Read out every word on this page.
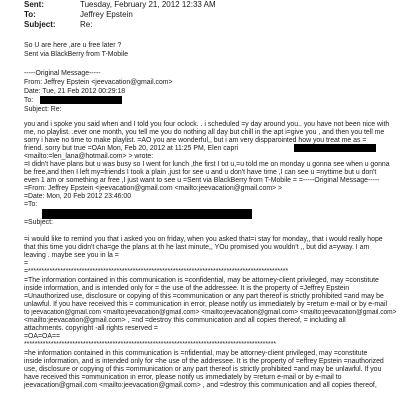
Sent:	Tuesday, February 21, 2012 12:33 AM
To:	Jeffrey Epstein
Subject:	Re:
So U are here ,are u free later ?
Sent via BlackBerry from T-Mobile
-----Original Message-----
From: Jeffrey Epstein <jeevacation@gmail.com>
Date: Tue, 21 Feb 2012 00:29:18
To:
Subject: Re:
you and i spoke you said when and I told you four oclock. . i scheduled =y day around you.. you have not been nice with
me, no playlist. .ever one month, you tell me you do nothing all day but chill in the apt i=give you , and then you tell me
sorry i have no time to make playlist. =AO you are wonderful,, but i am very dispparointed how you treat me as =
friend. sorry but true =OAn Mon, Feb 20, 2012 at 11:25 PM, Elen capri
<mailto:=len_lana@hotmail.com> > wrote:
=I didn't have plans but u was busy so I went for lunch ,the first I txt u,=u told me on monday u gonna see when u gonna
be free,and then I left my=friends I took a plain ,just for see u and u don't have time ,I can see u =nyttime but u don't
even 1 am or something ar free ,I just want to see u =Sent via BlackBerry from T-Mobile = =-----Original Message-----
=From: Jeffrey Epstein <jeevacation@gmail.com <mailto:jeevacation@gmail.com> >
=Date: Mon, 20 Feb 2012 23:46:00
=To:
=Subject:
=i would like to remind you that i asked you on friday, when you asked that=i stay for monday,, that i would really hope
that this time you didn't cha=ge the plans at th he last minute,, YOu promised you wouldn't ,, but did a=yway. I am
leaving . maybe see you in la =
=
=*************************************************************************************************
=The information contained in this communication is =confidential, may be attorney-client privileged, may =constitute
inside information, and is intended only for = the use of the addressee. It is the property of =Jeffrey Epstein
=Unauthorized use, disclosure or copying of this =communication or any part thereof is strictly prohibited =and may be
unlawful. If you have received this = communication in error, please notify us immediately by =return e-mail or by e-mail
to jeevacation@gmail.com <mailto:jeevacation@gmail.com> <mailto:jeevacation@gmail.com> <mailto:jeevacation@gmail.com>
<mailto:jeevacation@gmail.com> , =nd =destroy this communication and all copies thereof, = including all
attachments. copyright -all rights reserved =
=OA=OA==
**********************************************************************************************
=he information contained in this communication is =nfidential, may be attorney-client privileged, may =constitute
inside information, and is intended only for =he use of the addressee. It is the property of =effrey Epstein =nauthorized
use, disclosure or copying of this =ommunication or any part thereof is strictly prohibited =and may be unlawful. If you
have received this =ommunication in error, please notify us immediately by =return e-mail or by e-mail to
jeevacation@gmail.com <mailto:jeevacation@gmail.com> , and =destroy this communication and all copies thereof,
